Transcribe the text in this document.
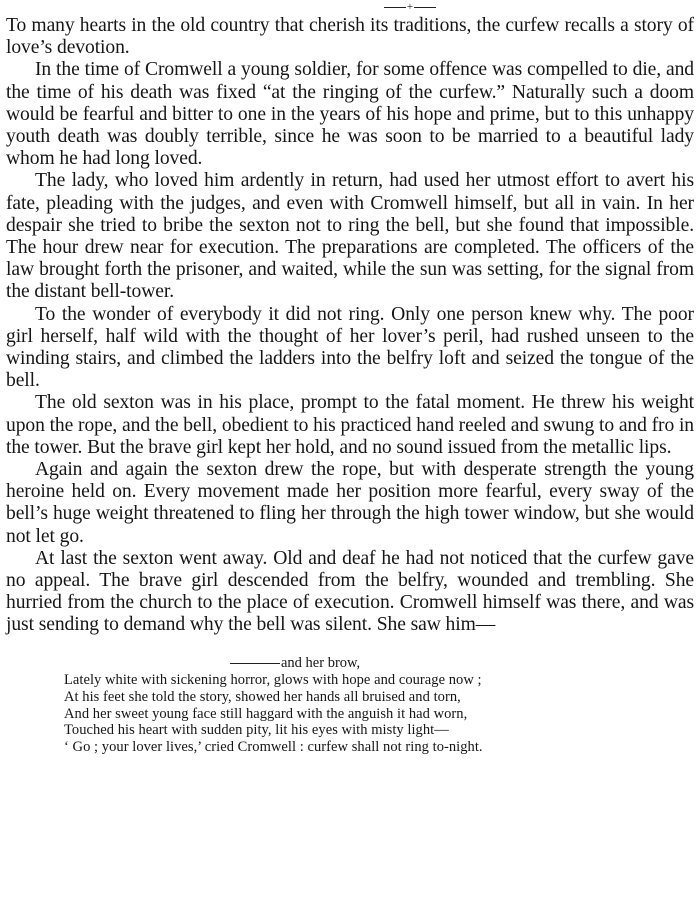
+

To many hearts in the old country that cherish its traditions, the curfew recalls a story of love’s devotion.

In the time of Cromwell a young soldier, for some offence was compelled to die, and the time of his death was fixed “at the ringing of the curfew.” Naturally such a doom would be fearful and bitter to one in the years of his hope and prime, but to this unhappy youth death was doubly terrible, since he was soon to be married to a beautiful lady whom he had long loved.

The lady, who loved him ardently in return, had used her utmost effort to avert his fate, pleading with the judges, and even with Cromwell himself, but all in vain. In her despair she tried to bribe the sexton not to ring the bell, but she found that impossible. The hour drew near for execution. The preparations are completed. The officers of the law brought forth the prisoner, and waited, while the sun was setting, for the signal from the distant bell-tower.

To the wonder of everybody it did not ring. Only one person knew why. The poor girl herself, half wild with the thought of her lover’s peril, had rushed unseen to the winding stairs, and climbed the ladders into the belfry loft and seized the tongue of the bell.

The old sexton was in his place, prompt to the fatal moment. He threw his weight upon the rope, and the bell, obedient to his practiced hand reeled and swung to and fro in the tower. But the brave girl kept her hold, and no sound issued from the metallic lips.

Again and again the sexton drew the rope, but with desperate strength the young heroine held on. Every movement made her position more fearful, every sway of the bell’s huge weight threatened to fling her through the high tower window, but she would not let go.

At last the sexton went away. Old and deaf he had not noticed that the curfew gave no appeal. The brave girl descended from the belfry, wounded and trembling. She hurried from the church to the place of execution. Cromwell himself was there, and was just sending to demand why the bell was silent. She saw him—

and her brow,
Lately white with sickening horror, glows with hope and courage now ;
At his feet she told the story, showed her hands all bruised and torn,
And her sweet young face still haggard with the anguish it had worn,
Touched his heart with sudden pity, lit his eyes with misty light—
‘ Go ; your lover lives,’ cried Cromwell : curfew shall not ring to-night.
